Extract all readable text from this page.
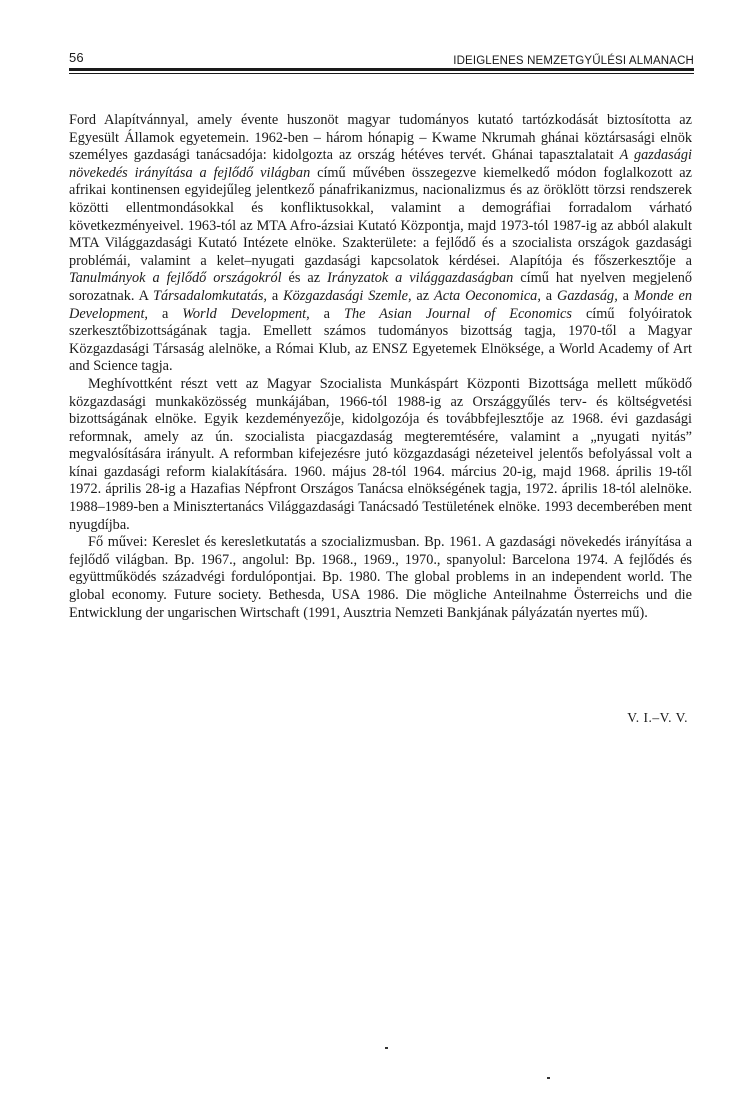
56	IDEIGLENES NEMZETGYŰLÉSI ALMANACH

Ford Alapítvánnyal, amely évente huszonöt magyar tudományos kutató tartózkodását biztosította az Egyesült Államok egyetemein. 1962-ben – három hónapig – Kwame Nkrumah ghánai köztársasági elnök személyes gazdasági tanácsadója: kidolgozta az ország hétéves tervét. Ghánai tapasztalatait A gazdasági növekedés irányítása a fejlődő világban című művében összegezve kiemelkedő módon foglalkozott az afrikai kontinensen egyidejűleg jelentkező pánafrikanizmus, nacionalizmus és az öröklött törzsi rendszerek közötti ellentmondásokkal és konfliktusokkal, valamint a demográfiai forradalom várható következményeivel. 1963-tól az MTA Afro-ázsiai Kutató Központja, majd 1973-tól 1987-ig az abból alakult MTA Világgazdasági Kutató Intézete elnöke. Szakterülete: a fejlődő és a szocialista országok gazdasági problémái, valamint a kelet–nyugati gazdasági kapcsolatok kérdései. Alapítója és főszerkesztője a Tanulmányok a fejlődő országokról és az Irányzatok a világgazdaságban című hat nyelven megjelenő sorozatnak. A Társadalomkutatás, a Közgazdasági Szemle, az Acta Oeconomica, a Gazdaság, a Monde en Development, a World Development, a The Asian Journal of Economics című folyóiratok szerkesztőbizottságának tagja. Emellett számos tudományos bizottság tagja, 1970-től a Magyar Közgazdasági Társaság alelnöke, a Római Klub, az ENSZ Egyetemek Elnöksége, a World Academy of Art and Science tagja.

Meghívottként részt vett az Magyar Szocialista Munkáspárt Központi Bizottsága mellett működő közgazdasági munkaközösség munkájában, 1966-tól 1988-ig az Országgyűlés terv- és költségvetési bizottságának elnöke. Egyik kezdeményezője, kidolgozója és továbbfejlesztője az 1968. évi gazdasági reformnak, amely az ún. szocialista piacgazdaság megteremtésére, valamint a „nyugati nyitás” megvalósítására irányult. A reformban kifejezésre jutó közgazdasági nézeteivel jelentős befolyással volt a kínai gazdasági reform kialakítására. 1960. május 28-tól 1964. március 20-ig, majd 1968. április 19-től 1972. április 28-ig a Hazafias Népfront Országos Tanácsa elnökségének tagja, 1972. április 18-tól alelnöke. 1988–1989-ben a Minisztertanács Világgazdasági Tanácsadó Testületének elnöke. 1993 decemberében ment nyugdíjba.

Fő művei: Kereslet és keresletkutatás a szocializmusban. Bp. 1961. A gazdasági növekedés irányítása a fejlődő világban. Bp. 1967., angolul: Bp. 1968., 1969., 1970., spanyolul: Barcelona 1974. A fejlődés és együttműködés századvégi fordulópontjai. Bp. 1980. The global problems in an independent world. The global economy. Future society. Bethesda, USA 1986. Die mögliche Anteilnahme Österreichs und die Entwicklung der ungarischen Wirtschaft (1991, Ausztria Nemzeti Bankjának pályázatán nyertes mű).

V. I.–V. V.
